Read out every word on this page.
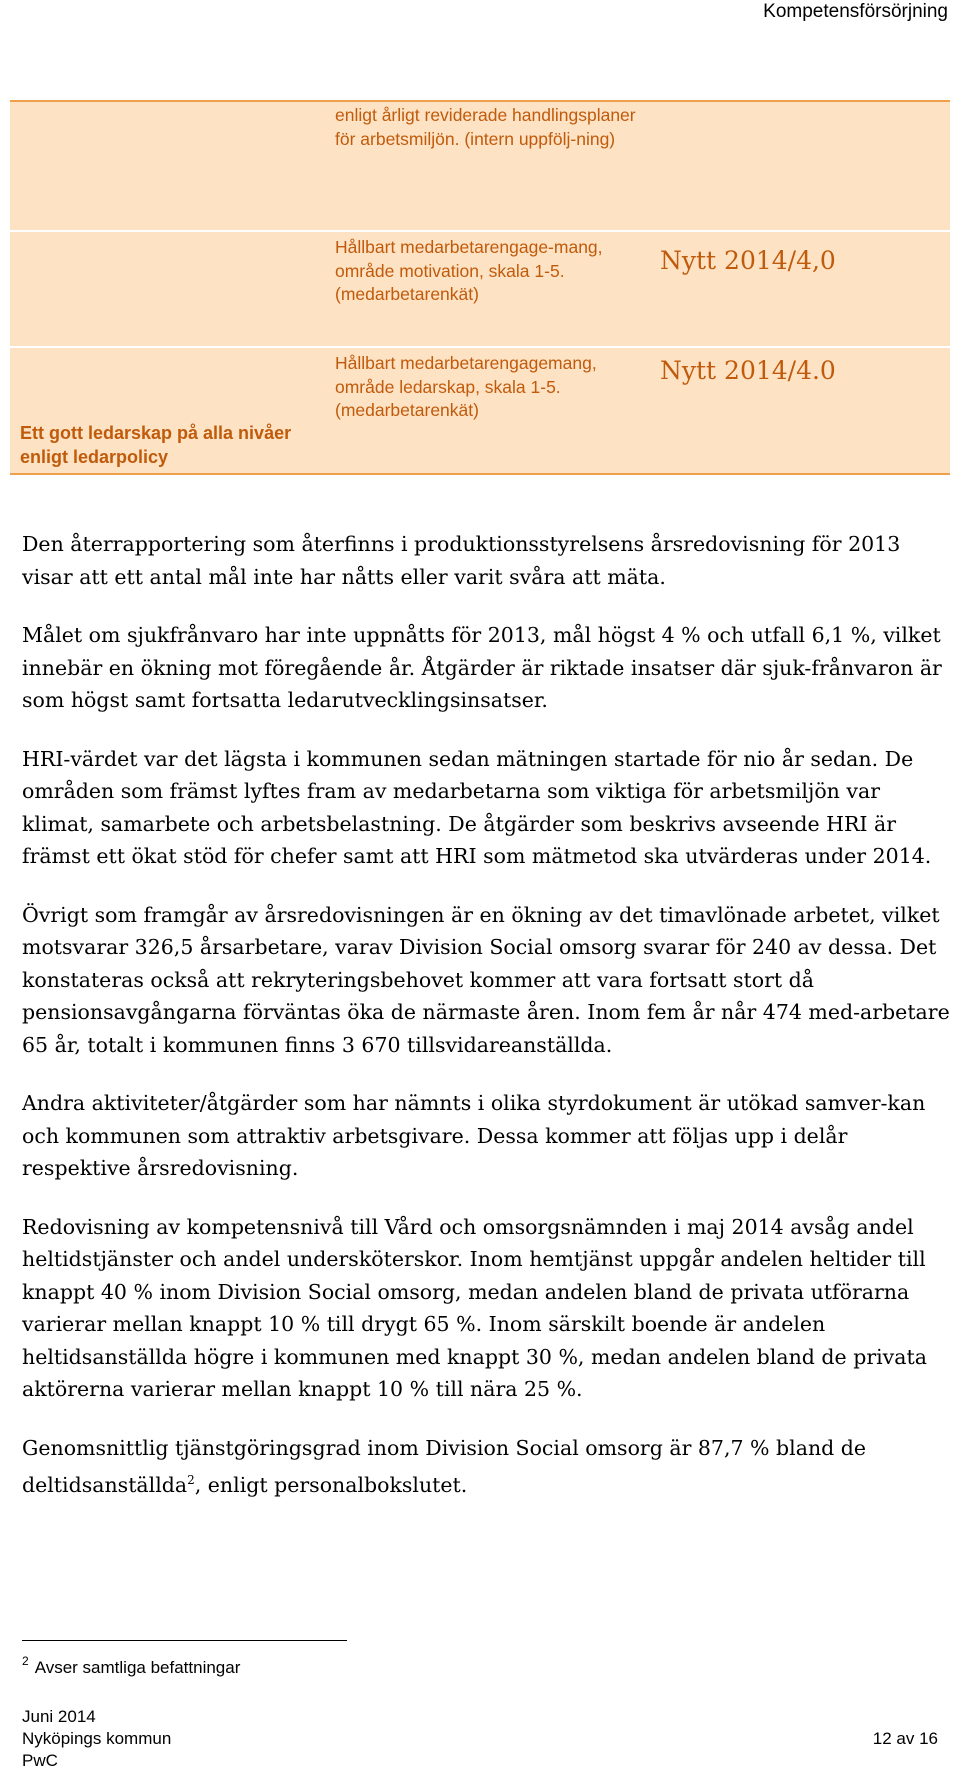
Kompetensförsörjning
enligt årligt reviderade handlingsplaner för arbetsmiljön. (intern uppfölj-ning)
Hållbart medarbetarengage-mang, område motivation, skala 1-5. (medarbetarenkät)
Nytt 2014/4,0
Ett gott ledarskap på alla nivåer enligt ledarpolicy
Hållbart medarbetarengagemang, område ledarskap, skala 1-5. (medarbetarenkät)
Nytt 2014/4.0

Den återrapportering som återfinns i produktionsstyrelsens årsredovisning för 2013 visar att ett antal mål inte har nåtts eller varit svåra att mäta.

Målet om sjukfrånvaro har inte uppnåtts för 2013, mål högst 4 % och utfall 6,1 %, vilket innebär en ökning mot föregående år. Åtgärder är riktade insatser där sjuk-frånvaron är som högst samt fortsatta ledarutvecklingsinsatser.

HRI-värdet var det lägsta i kommunen sedan mätningen startade för nio år sedan. De områden som främst lyftes fram av medarbetarna som viktiga för arbetsmiljön var klimat, samarbete och arbetsbelastning. De åtgärder som beskrivs avseende HRI är främst ett ökat stöd för chefer samt att HRI som mätmetod ska utvärderas under 2014.

Övrigt som framgår av årsredovisningen är en ökning av det timavlönade arbetet, vilket motsvarar 326,5 årsarbetare, varav Division Social omsorg svarar för 240 av dessa. Det konstateras också att rekryteringsbehovet kommer att vara fortsatt stort då pensionsavgångarna förväntas öka de närmaste åren. Inom fem år når 474 med-arbetare 65 år, totalt i kommunen finns 3 670 tillsvidareanställda.

Andra aktiviteter/åtgärder som har nämnts i olika styrdokument är utökad samver-kan och kommunen som attraktiv arbetsgivare. Dessa kommer att följas upp i delår respektive årsredovisning.

Redovisning av kompetensnivå till Vård och omsorgsnämnden i maj 2014 avsåg andel heltidstjänster och andel undersköterskor. Inom hemtjänst uppgår andelen heltider till knappt 40 % inom Division Social omsorg, medan andelen bland de privata utförarna varierar mellan knappt 10 % till drygt 65 %. Inom särskilt boende är andelen heltidsanställda högre i kommunen med knappt 30 %, medan andelen bland de privata aktörerna varierar mellan knappt 10 % till nära 25 %.

Genomsnittlig tjänstgöringsgrad inom Division Social omsorg är 87,7 % bland de deltidsanställda$^2$, enligt personalbokslutet.

$^2$ Avser samtliga befattningar
Juni 2014
Nyköpings kommun
PwC
12 av 16
